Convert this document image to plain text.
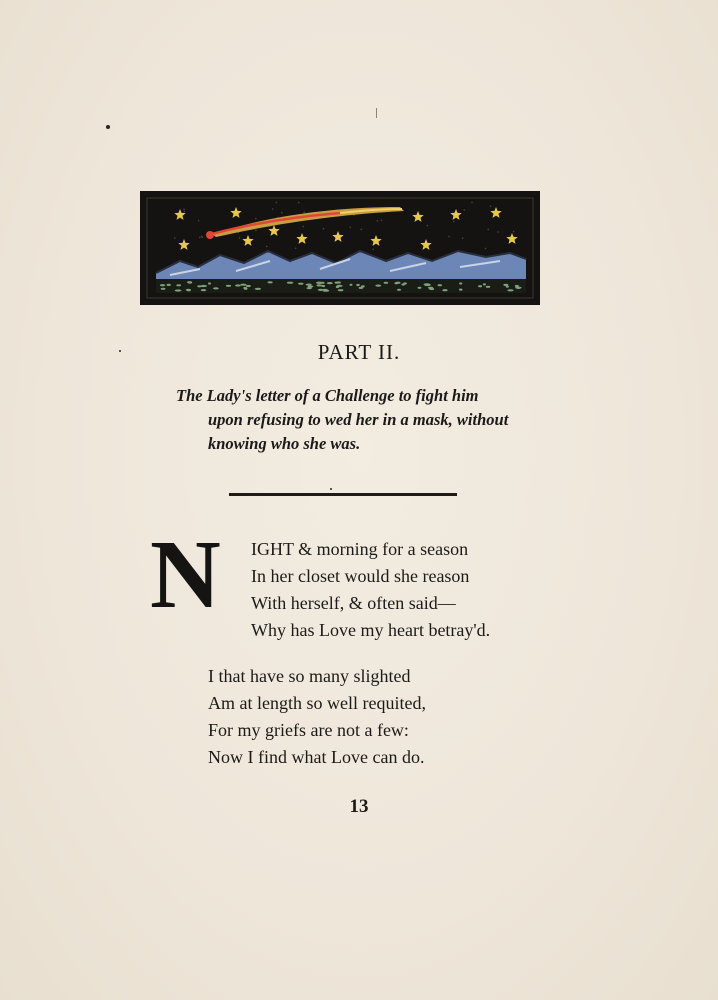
PART II.
The Lady's letter of a Challenge to fight him
upon refusing to wed her in a mask, without
knowing who she was.
N IGHT & morning for a season
In her closet would she reason
With herself, & often said—
Why has Love my heart betray'd.
I that have so many slighted
Am at length so well requited,
For my griefs are not a few:
Now I find what Love can do.
13
